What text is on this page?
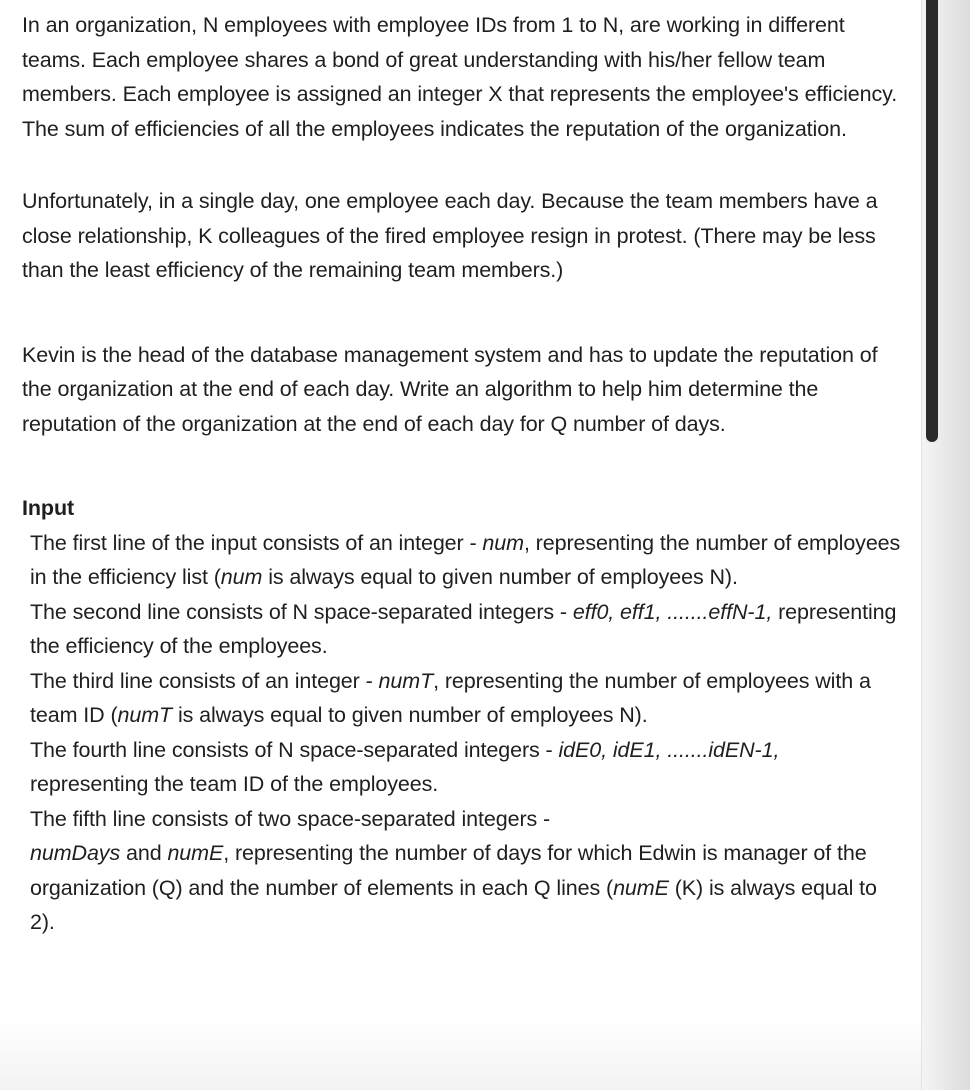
In an organization, N employees with employee IDs from 1 to N, are working in different teams. Each employee shares a bond of great understanding with his/her fellow team members. Each employee is assigned an integer X that represents the employee's efficiency. The sum of efficiencies of all the employees indicates the reputation of the organization.

Unfortunately, in a single day, one employee each day. Because the team members have a close relationship, K colleagues of the fired employee resign in protest. (There may be less than the least efficiency of the remaining team members.)

Kevin is the head of the database management system and has to update the reputation of the organization at the end of each day. Write an algorithm to help him determine the reputation of the organization at the end of each day for Q number of days.

Input

The first line of the input consists of an integer - num, representing the number of employees in the efficiency list (num is always equal to given number of employees N).

The second line consists of N space-separated integers - eff0, eff1, .......effN-1, representing the efficiency of the employees.

The third line consists of an integer - numT, representing the number of employees with a team ID (numT is always equal to given number of employees N).

The fourth line consists of N space-separated integers - idE0, idE1, .......idEN-1, representing the team ID of the employees.

The fifth line consists of two space-separated integers -
numDays and numE, representing the number of days for which Edwin is manager of the organization (Q) and the number of elements in each Q lines (numE (K) is always equal to 2).
